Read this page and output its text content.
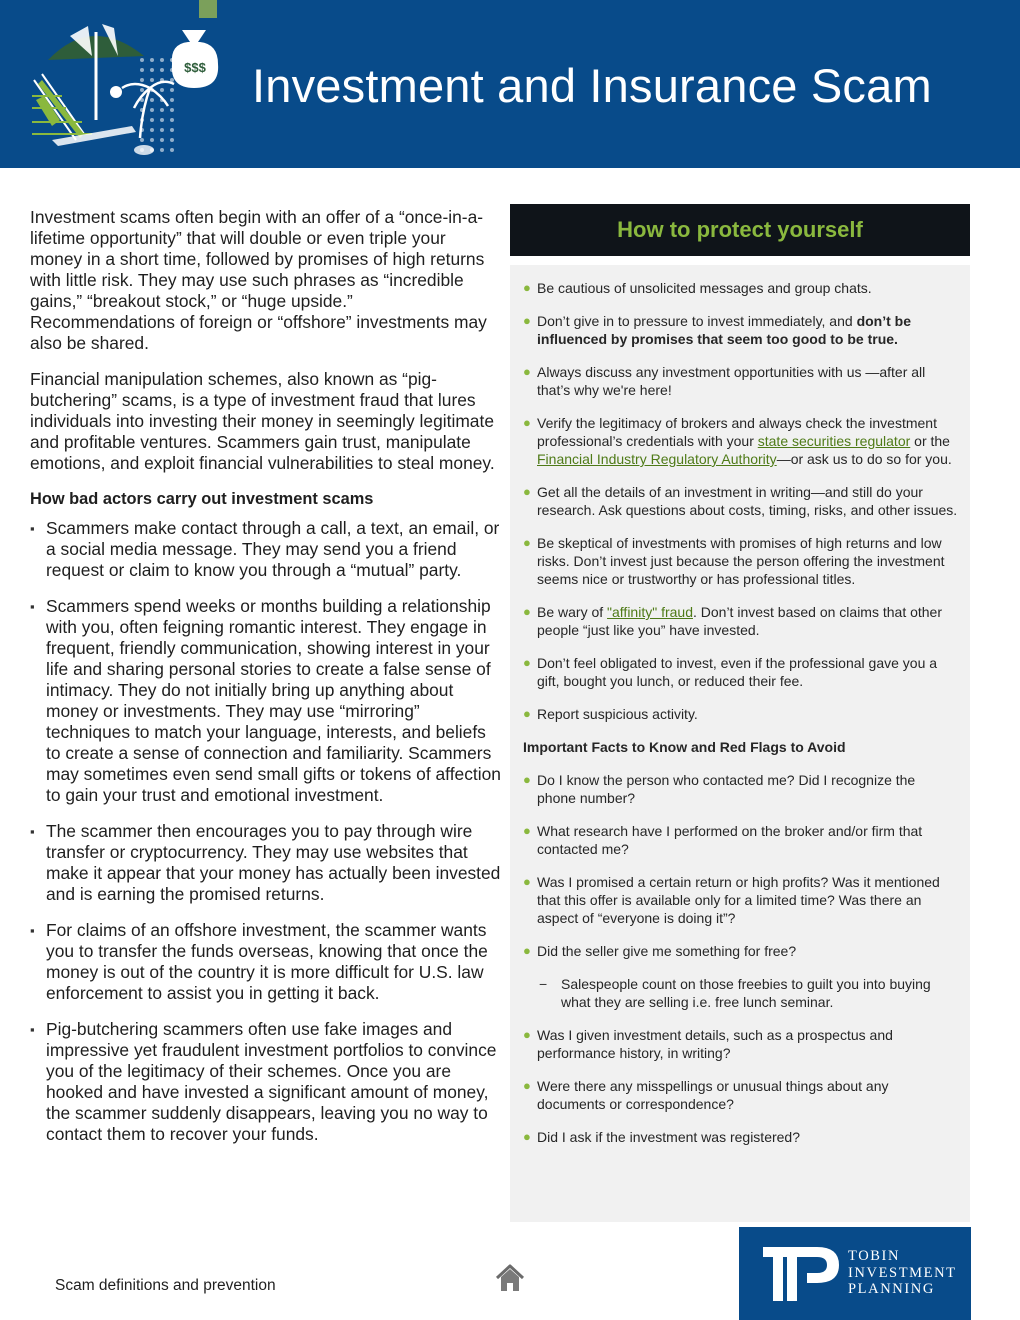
$$$ Investment and Insurance Scam

Investment scams often begin with an offer of a “once-in-a-lifetime opportunity” that will double or even triple your money in a short time, followed by promises of high returns with little risk. They may use such phrases as “incredible gains,” “breakout stock,” or “huge upside.” Recommendations of foreign or “offshore” investments may also be shared.

Financial manipulation schemes, also known as “pig-butchering” scams, is a type of investment fraud that lures individuals into investing their money in seemingly legitimate and profitable ventures. Scammers gain trust, manipulate emotions, and exploit financial vulnerabilities to steal money.

How bad actors carry out investment scams
▪ Scammers make contact through a call, a text, an email, or a social media message. They may send you a friend request or claim to know you through a “mutual” party.
▪ Scammers spend weeks or months building a relationship with you, often feigning romantic interest. They engage in frequent, friendly communication, showing interest in your life and sharing personal stories to create a false sense of intimacy. They do not initially bring up anything about money or investments. They may use “mirroring” techniques to match your language, interests, and beliefs to create a sense of connection and familiarity. Scammers may sometimes even send small gifts or tokens of affection to gain your trust and emotional investment.
▪ The scammer then encourages you to pay through wire transfer or cryptocurrency. They may use websites that make it appear that your money has actually been invested and is earning the promised returns.
▪ For claims of an offshore investment, the scammer wants you to transfer the funds overseas, knowing that once the money is out of the country it is more difficult for U.S. law enforcement to assist you in getting it back.
▪ Pig-butchering scammers often use fake images and impressive yet fraudulent investment portfolios to convince you of the legitimacy of their schemes. Once you are hooked and have invested a significant amount of money, the scammer suddenly disappears, leaving you no way to contact them to recover your funds.
How to protect yourself
● Be cautious of unsolicited messages and group chats.
● Don’t give in to pressure to invest immediately, and don’t be influenced by promises that seem too good to be true.
● Always discuss any investment opportunities with us —after all that’s why we're here!
● Verify the legitimacy of brokers and always check the investment professional’s credentials with your state securities regulator or the Financial Industry Regulatory Authority—or ask us to do so for you.
● Get all the details of an investment in writing—and still do your research. Ask questions about costs, timing, risks, and other issues.
● Be skeptical of investments with promises of high returns and low risks. Don’t invest just because the person offering the investment seems nice or trustworthy or has professional titles.
● Be wary of "affinity" fraud. Don’t invest based on claims that other people “just like you” have invested.
● Don’t feel obligated to invest, even if the professional gave you a gift, bought you lunch, or reduced their fee.
● Report suspicious activity.
Important Facts to Know and Red Flags to Avoid
● Do I know the person who contacted me? Did I recognize the phone number?
● What research have I performed on the broker and/or firm that contacted me?
● Was I promised a certain return or high profits? Was it mentioned that this offer is available only for a limited time? Was there an aspect of “everyone is doing it”?
● Did the seller give me something for free?
− Salespeople count on those freebies to guilt you into buying what they are selling i.e. free lunch seminar.
● Was I given investment details, such as a prospectus and performance history, in writing?
● Were there any misspellings or unusual things about any documents or correspondence?
● Did I ask if the investment was registered?
Scam definitions and prevention
TOBIN
INVESTMENT
PLANNING
